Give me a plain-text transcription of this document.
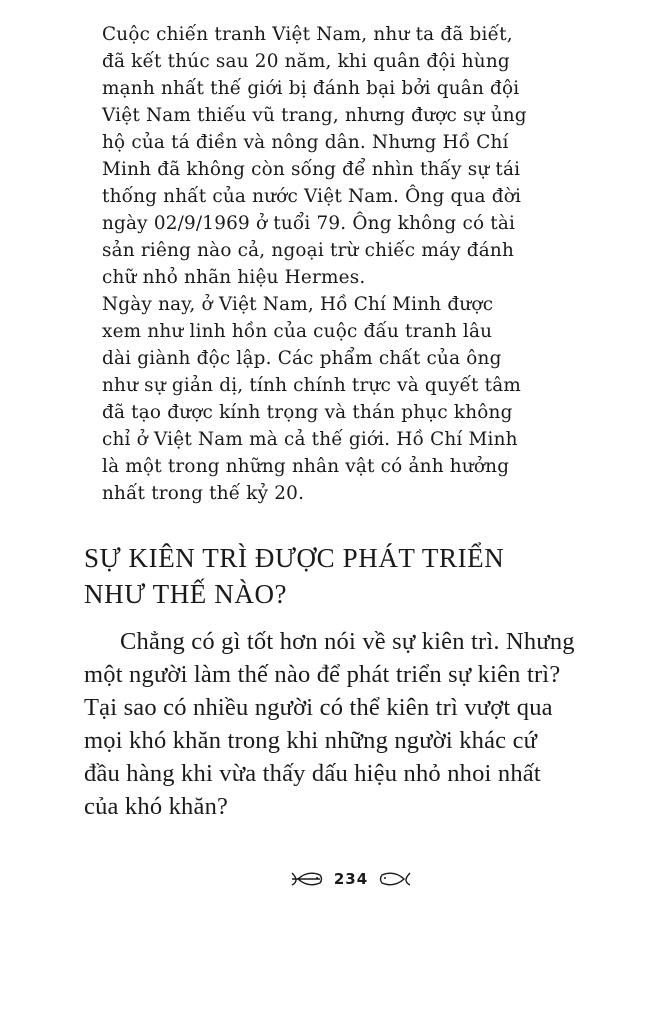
Cuộc chiến tranh Việt Nam, như ta đã biết,
đã kết thúc sau 20 năm, khi quân đội hùng
mạnh nhất thế giới bị đánh bại bởi quân đội
Việt Nam thiếu vũ trang, nhưng được sự ủng
hộ của tá điền và nông dân. Nhưng Hồ Chí
Minh đã không còn sống để nhìn thấy sự tái
thống nhất của nước Việt Nam. Ông qua đời
ngày 02/9/1969 ở tuổi 79. Ông không có tài
sản riêng nào cả, ngoại trừ chiếc máy đánh
chữ nhỏ nhãn hiệu Hermes.
Ngày nay, ở Việt Nam, Hồ Chí Minh được
xem như linh hồn của cuộc đấu tranh lâu
dài giành độc lập. Các phẩm chất của ông
như sự giản dị, tính chính trực và quyết tâm
đã tạo được kính trọng và thán phục không
chỉ ở Việt Nam mà cả thế giới. Hồ Chí Minh
là một trong những nhân vật có ảnh hưởng
nhất trong thế kỷ 20.
SỰ KIÊN TRÌ ĐƯỢC PHÁT TRIỂN
NHƯ THẾ NÀO?
Chẳng có gì tốt hơn nói về sự kiên trì. Nhưng
một người làm thế nào để phát triển sự kiên trì?
Tại sao có nhiều người có thể kiên trì vượt qua
mọi khó khăn trong khi những người khác cứ
đầu hàng khi vừa thấy dấu hiệu nhỏ nhoi nhất
của khó khăn?
234
